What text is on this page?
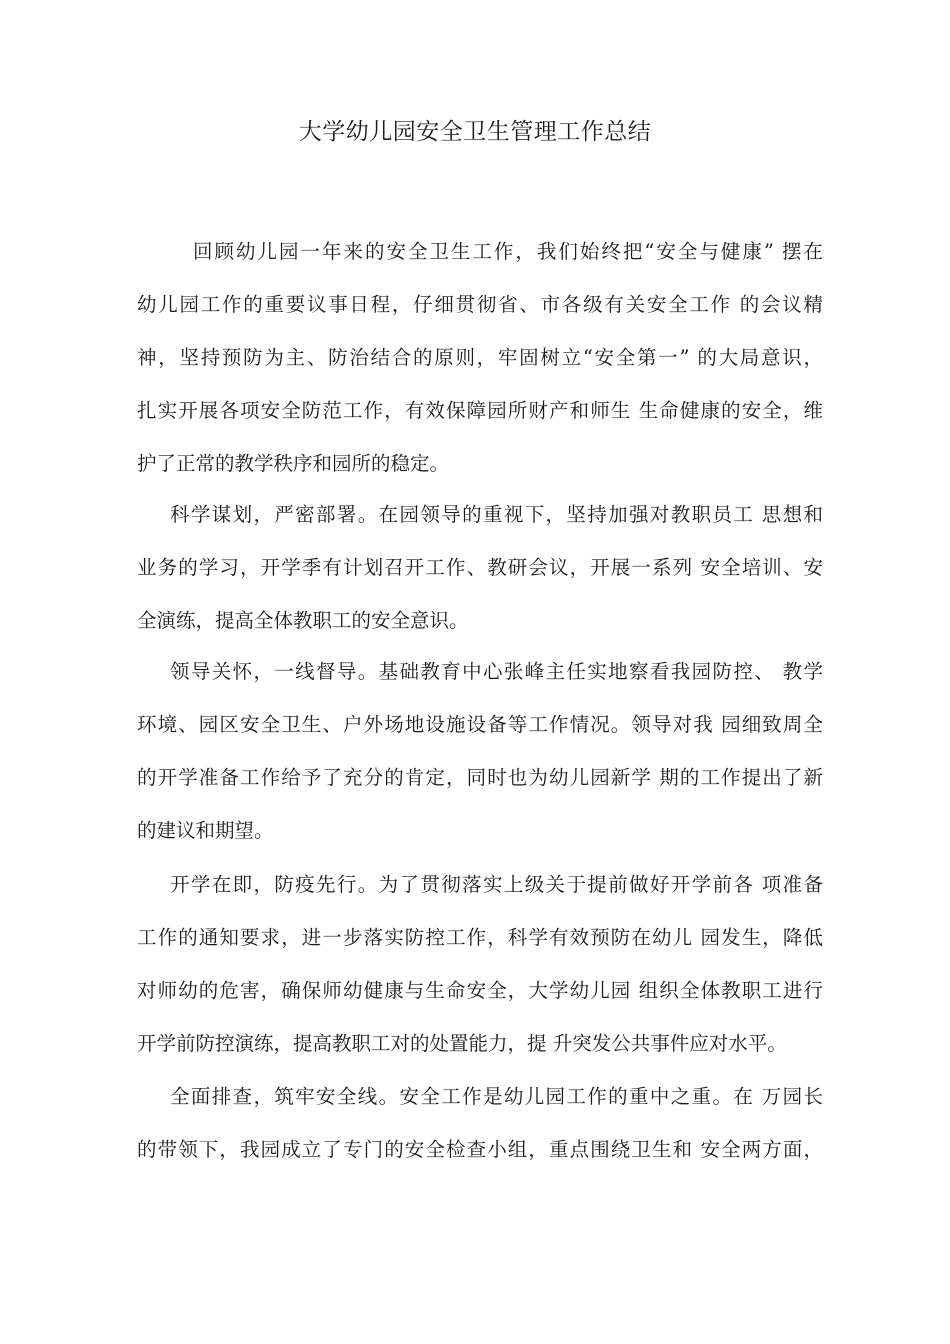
大学幼儿园安全卫生管理工作总结
回顾幼儿园一年来的安全卫生工作，我们始终把“安全与健康” 摆在
幼儿园工作的重要议事日程，仔细贯彻省、市各级有关安全工作 的会议精
神，坚持预防为主、防治结合的原则，牢固树立“安全第一” 的大局意识，
扎实开展各项安全防范工作，有效保障园所财产和师生 生命健康的安全，维
护了正常的教学秩序和园所的稳定。
科学谋划，严密部署。在园领导的重视下，坚持加强对教职员工 思想和
业务的学习，开学季有计划召开工作、教研会议，开展一系列 安全培训、安
全演练，提高全体教职工的安全意识。
领导关怀，一线督导。基础教育中心张峰主任实地察看我园防控、 教学
环境、园区安全卫生、户外场地设施设备等工作情况。领导对我 园细致周全
的开学准备工作给予了充分的肯定，同时也为幼儿园新学 期的工作提出了新
的建议和期望。
开学在即，防疫先行。为了贯彻落实上级关于提前做好开学前各 项准备
工作的通知要求，进一步落实防控工作，科学有效预防在幼儿 园发生，降低
对师幼的危害，确保师幼健康与生命安全，大学幼儿园 组织全体教职工进行
开学前防控演练，提高教职工对的处置能力，提 升突发公共事件应对水平。
全面排查，筑牢安全线。安全工作是幼儿园工作的重中之重。在 万园长
的带领下，我园成立了专门的安全检查小组，重点围绕卫生和 安全两方面，
